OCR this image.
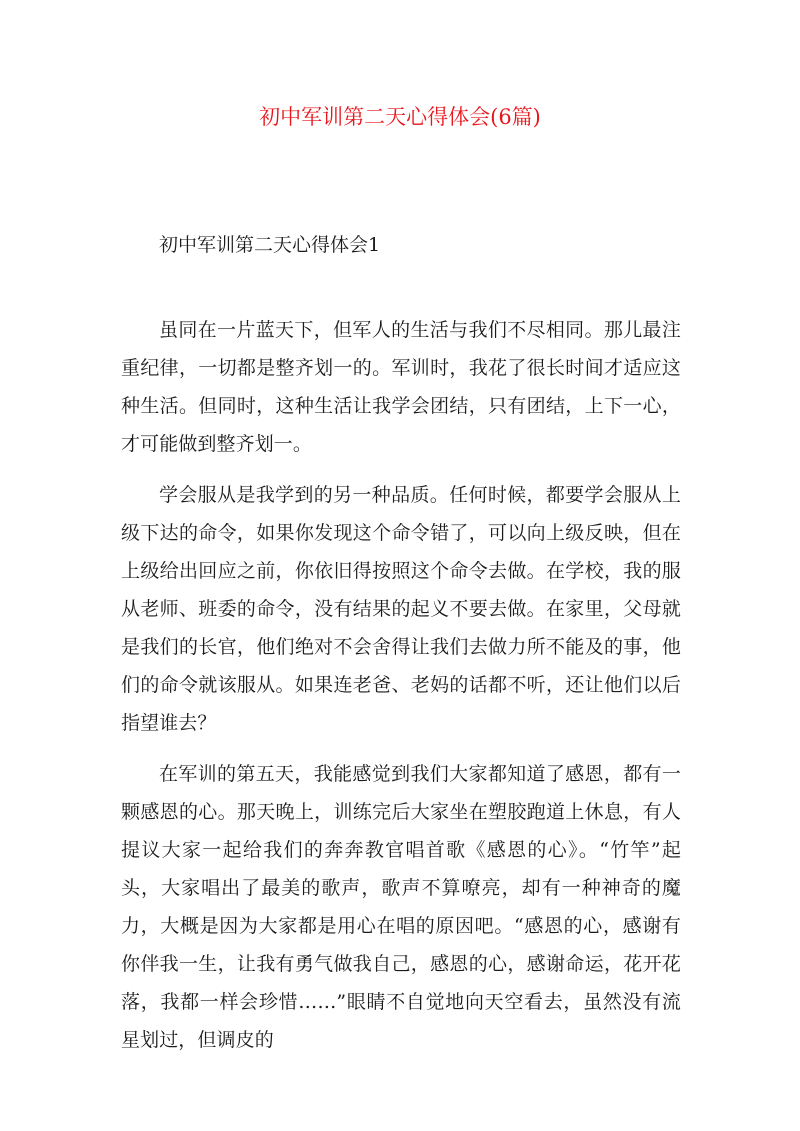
初中军训第二天心得体会(6篇)
初中军训第二天心得体会1

虽同在一片蓝天下，但军人的生活与我们不尽相同。那儿最注重纪律，一切都是整齐划一的。军训时，我花了很长时间才适应这种生活。但同时，这种生活让我学会团结，只有团结，上下一心，才可能做到整齐划一。

学会服从是我学到的另一种品质。任何时候，都要学会服从上级下达的命令，如果你发现这个命令错了，可以向上级反映，但在上级给出回应之前，你依旧得按照这个命令去做。在学校，我的服从老师、班委的命令，没有结果的起义不要去做。在家里，父母就是我们的长官，他们绝对不会舍得让我们去做力所不能及的事，他们的命令就该服从。如果连老爸、老妈的话都不听，还让他们以后指望谁去？

在军训的第五天，我能感觉到我们大家都知道了感恩，都有一颗感恩的心。那天晚上，训练完后大家坐在塑胶跑道上休息，有人提议大家一起给我们的奔奔教官唱首歌《感恩的心》。“竹竿”起头，大家唱出了最美的歌声，歌声不算嘹亮，却有一种神奇的魔力，大概是因为大家都是用心在唱的原因吧。“感恩的心，感谢有你伴我一生，让我有勇气做我自己，感恩的心，感谢命运，花开花落，我都一样会珍惜……”眼睛不自觉地向天空看去，虽然没有流星划过，但调皮的
